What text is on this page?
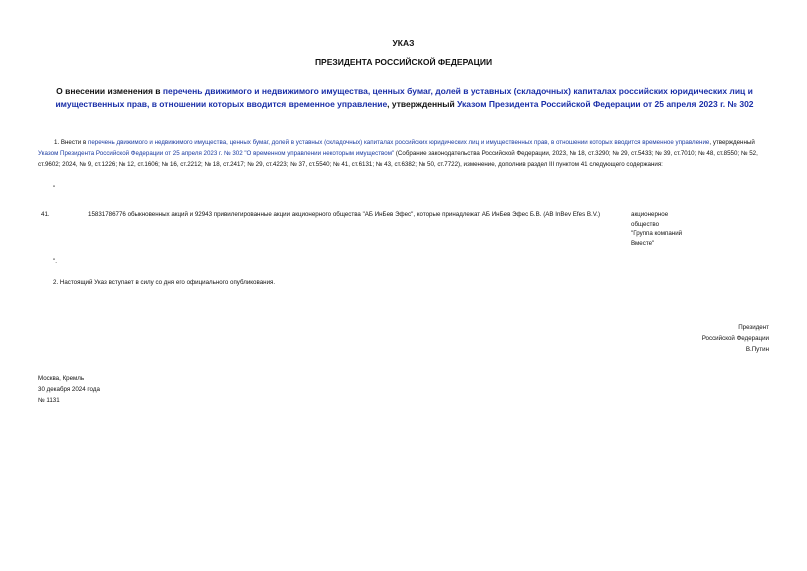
УКАЗ
ПРЕЗИДЕНТА РОССИЙСКОЙ ФЕДЕРАЦИИ
О внесении изменения в перечень движимого и недвижимого имущества, ценных бумаг, долей в уставных (складочных) капиталах российских юридических лиц и имущественных прав, в отношении которых вводится временное управление, утвержденный Указом Президента Российской Федерации от 25 апреля 2023 г. № 302
1. Внести в перечень движимого и недвижимого имущества, ценных бумаг, долей в уставных (складочных) капиталах российских юридических лиц и имущественных прав, в отношении которых вводится временное управление, утвержденный Указом Президента Российской Федерации от 25 апреля 2023 г. № 302 "О временном управлении некоторым имуществом" (Собрание законодательства Российской Федерации, 2023, № 18, ст.3290; № 29, ст.5433; № 39, ст.7010; № 48, ст.8550; № 52, ст.9602; 2024, № 9, ст.1226; № 12, ст.1606; № 16, ст.2212; № 18, ст.2417; № 29, ст.4223; № 37, ст.5540; № 41, ст.6131; № 43, ст.6382; № 50, ст.7722), изменение, дополнив раздел III пунктом 41 следующего содержания:
"
41.	15831786776 обыкновенных акций и 92943 привилегированные акции акционерного общества "АБ ИнБев Эфес", которые принадлежат АБ ИнБев Эфес Б.В. (AB InBev Efes B.V.)	акционерное
общество
"Группа компаний
Вместе"
".
2. Настоящий Указ вступает в силу со дня его официального опубликования.
Президент
Российской Федерации
В.Путин
Москва, Кремль
30 декабря 2024 года
№ 1131
